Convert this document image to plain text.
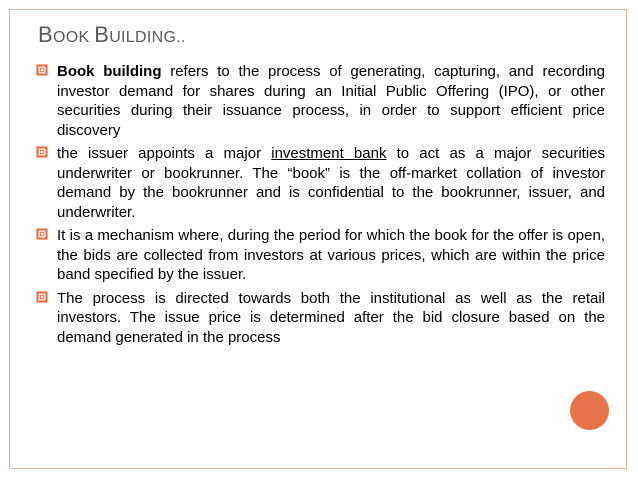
BOOK BUILDING..
Book building refers to the process of generating, capturing, and recording investor demand for shares during an Initial Public Offering (IPO), or other securities during their issuance process, in order to support efficient price discovery
the issuer appoints a major investment bank to act as a major securities underwriter or bookrunner. The “book” is the off-market collation of investor demand by the bookrunner and is confidential to the bookrunner, issuer, and underwriter.
It is a mechanism where, during the period for which the book for the offer is open, the bids are collected from investors at various prices, which are within the price band specified by the issuer.
The process is directed towards both the institutional as well as the retail investors. The issue price is determined after the bid closure based on the demand generated in the process
